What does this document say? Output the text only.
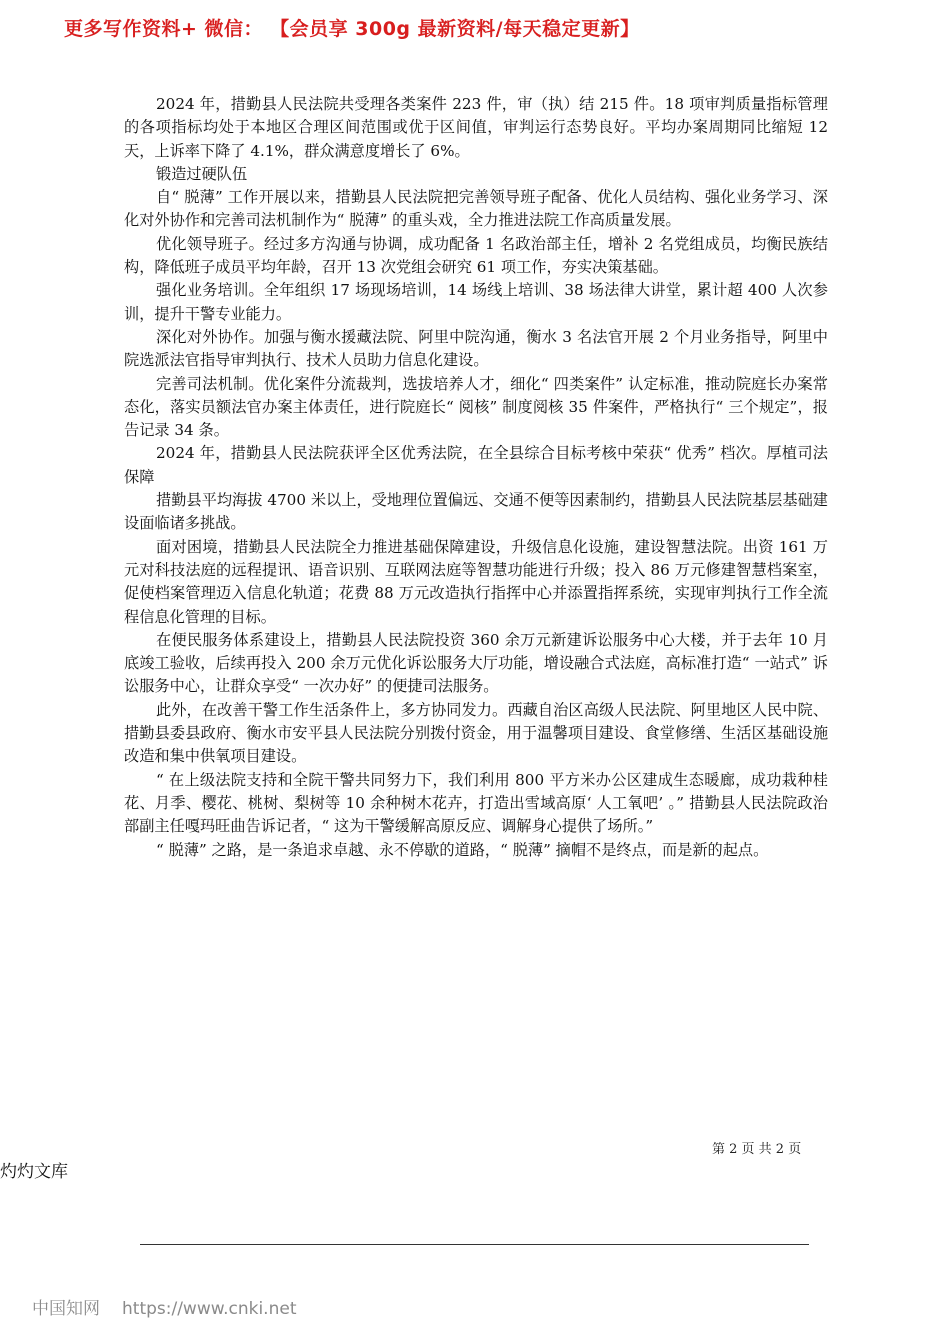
更多写作资料+ 微信： 【会员享 300g 最新资料/每天稳定更新】

2024 年，措勤县人民法院共受理各类案件 223 件，审（执）结 215 件。18 项审判质量指标管理的各项指标均处于本地区合理区间范围或优于区间值，审判运行态势良好。平均办案周期同比缩短 12 天，上诉率下降了 4.1%，群众满意度增长了 6%。

锻造过硬队伍

自“ 脱薄” 工作开展以来，措勤县人民法院把完善领导班子配备、优化人员结构、强化业务学习、深化对外协作和完善司法机制作为“ 脱薄” 的重头戏，全力推进法院工作高质量发展。

优化领导班子。经过多方沟通与协调，成功配备 1 名政治部主任，增补 2 名党组成员，均衡民族结构，降低班子成员平均年龄，召开 13 次党组会研究 61 项工作，夯实决策基础。

强化业务培训。全年组织 17 场现场培训，14 场线上培训、38 场法律大讲堂，累计超 400 人次参训，提升干警专业能力。

深化对外协作。加强与衡水援藏法院、阿里中院沟通，衡水 3 名法官开展 2 个月业务指导，阿里中院选派法官指导审判执行、技术人员助力信息化建设。

完善司法机制。优化案件分流裁判，选拔培养人才，细化“ 四类案件” 认定标准，推动院庭长办案常态化，落实员额法官办案主体责任，进行院庭长“ 阅核” 制度阅核 35 件案件，严格执行“ 三个规定”，报告记录 34 条。

2024 年，措勤县人民法院获评全区优秀法院，在全县综合目标考核中荣获“ 优秀” 档次。厚植司法保障

措勤县平均海拔 4700 米以上，受地理位置偏远、交通不便等因素制约，措勤县人民法院基层基础建设面临诸多挑战。

面对困境，措勤县人民法院全力推进基础保障建设，升级信息化设施，建设智慧法院。出资 161 万元对科技法庭的远程提讯、语音识别、互联网法庭等智慧功能进行升级；投入 86 万元修建智慧档案室，促使档案管理迈入信息化轨道；花费 88 万元改造执行指挥中心并添置指挥系统，实现审判执行工作全流程信息化管理的目标。

在便民服务体系建设上，措勤县人民法院投资 360 余万元新建诉讼服务中心大楼，并于去年 10 月底竣工验收，后续再投入 200 余万元优化诉讼服务大厅功能，增设融合式法庭，高标准打造“ 一站式” 诉讼服务中心，让群众享受“ 一次办好” 的便捷司法服务。

此外，在改善干警工作生活条件上，多方协同发力。西藏自治区高级人民法院、阿里地区人民中院、措勤县委县政府、衡水市安平县人民法院分别拨付资金，用于温馨项目建设、食堂修缮、生活区基础设施改造和集中供氧项目建设。

“ 在上级法院支持和全院干警共同努力下，我们利用 800 平方米办公区建成生态暖廊，成功栽种桂花、月季、樱花、桃树、梨树等 10 余种树木花卉，打造出雪域高原‘ 人工氧吧’ 。” 措勤县人民法院政治部副主任嘎玛旺曲告诉记者，“ 这为干警缓解高原反应、调解身心提供了场所。”

“ 脱薄” 之路，是一条追求卓越、永不停歇的道路，“ 脱薄” 摘帽不是终点，而是新的起点。

第 2 页 共 2 页
灼灼文库
中国知网 https://www.cnki.net
